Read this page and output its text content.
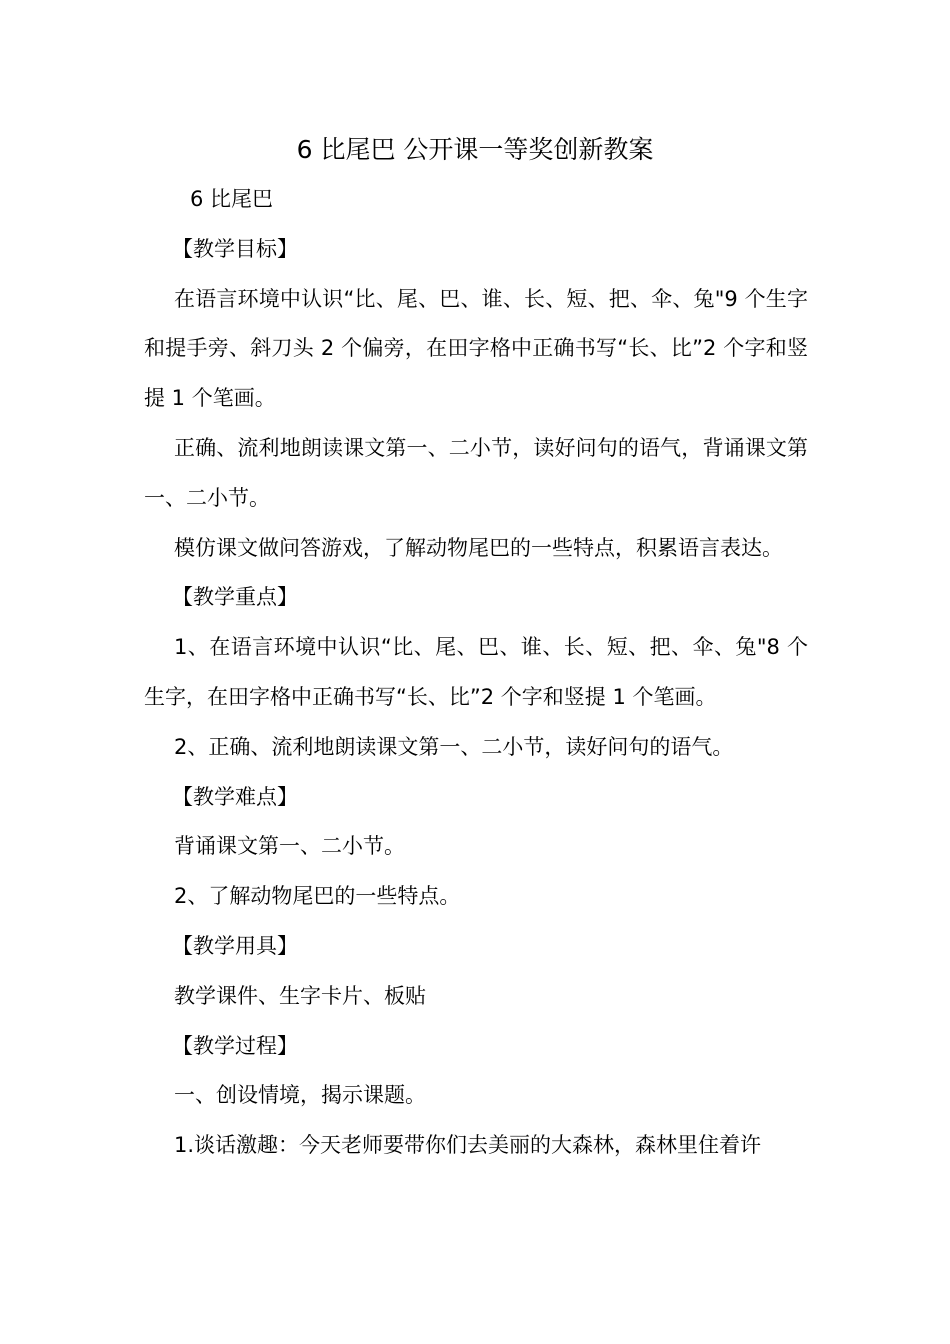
6 比尾巴 公开课一等奖创新教案

6 比尾巴

【教学目标】

在语言环境中认识“比、尾、巴、谁、长、短、把、伞、兔"9 个生字和提手旁、斜刀头 2 个偏旁，在田字格中正确书写“长、比”2 个字和竖提 1 个笔画。

正确、流利地朗读课文第一、二小节，读好问句的语气，背诵课文第一、二小节。

模仿课文做问答游戏，了解动物尾巴的一些特点，积累语言表达。

【教学重点】

1、在语言环境中认识“比、尾、巴、谁、长、短、把、伞、兔"8 个生字，在田字格中正确书写“长、比”2 个字和竖提 1 个笔画。

2、正确、流利地朗读课文第一、二小节，读好问句的语气。

【教学难点】

背诵课文第一、二小节。

2、了解动物尾巴的一些特点。

【教学用具】

教学课件、生字卡片、板贴

【教学过程】

一、创设情境，揭示课题。

1.谈话激趣：今天老师要带你们去美丽的大森林，森林里住着许
